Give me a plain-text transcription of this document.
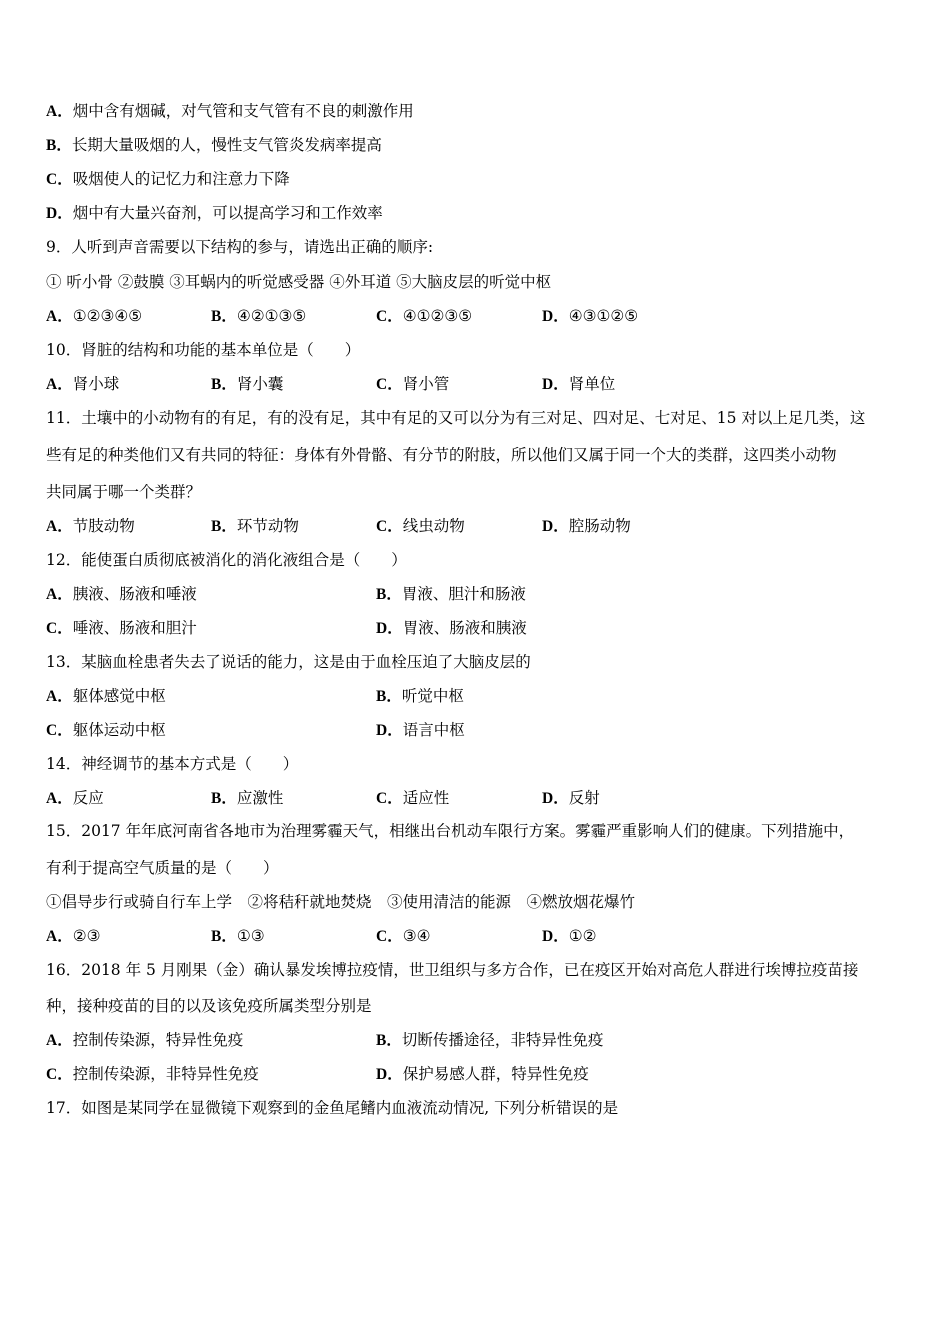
A．烟中含有烟碱，对气管和支气管有不良的刺激作用
B．长期大量吸烟的人，慢性支气管炎发病率提高
C．吸烟使人的记忆力和注意力下降
D．烟中有大量兴奋剂，可以提高学习和工作效率
9．人听到声音需要以下结构的参与，请选出正确的顺序:
① 听小骨 ②鼓膜 ③耳蜗内的听觉感受器 ④外耳道 ⑤大脑皮层的听觉中枢
A．①②③④⑤	B．④②①③⑤	C．④①②③⑤	D．④③①②⑤
10．肾脏的结构和功能的基本单位是（　　）
A．肾小球	B．肾小囊	C．肾小管	D．肾单位
11．土壤中的小动物有的有足，有的没有足，其中有足的又可以分为有三对足、四对足、七对足、15 对以上足几类，这
些有足的种类他们又有共同的特征：身体有外骨骼、有分节的附肢，所以他们又属于同一个大的类群，这四类小动物
共同属于哪一个类群？
A．节肢动物	B．环节动物	C．线虫动物	D．腔肠动物
12．能使蛋白质彻底被消化的消化液组合是（　　）
A．胰液、肠液和唾液	B．胃液、胆汁和肠液
C．唾液、肠液和胆汁	D．胃液、肠液和胰液
13．某脑血栓患者失去了说话的能力，这是由于血栓压迫了大脑皮层的
A．躯体感觉中枢	B．听觉中枢
C．躯体运动中枢	D．语言中枢
14．神经调节的基本方式是（　　）
A．反应	B．应激性	C．适应性	D．反射
15．2017 年年底河南省各地市为治理雾霾天气，相继出台机动车限行方案。雾霾严重影响人们的健康。下列措施中，
有利于提高空气质量的是（　　）
①倡导步行或骑自行车上学　②将秸秆就地焚烧　③使用清洁的能源　④燃放烟花爆竹
A．②③	B．①③	C．③④	D．①②
16．2018 年 5 月刚果（金）确认暴发埃博拉疫情，世卫组织与多方合作，已在疫区开始对高危人群进行埃博拉疫苗接
种，接种疫苗的目的以及该免疫所属类型分别是
A．控制传染源，特异性免疫	B．切断传播途径，非特异性免疫
C．控制传染源，非特异性免疫	D．保护易感人群，特异性免疫
17．如图是某同学在显微镜下观察到的金鱼尾鳍内血液流动情况, 下列分析错误的是
